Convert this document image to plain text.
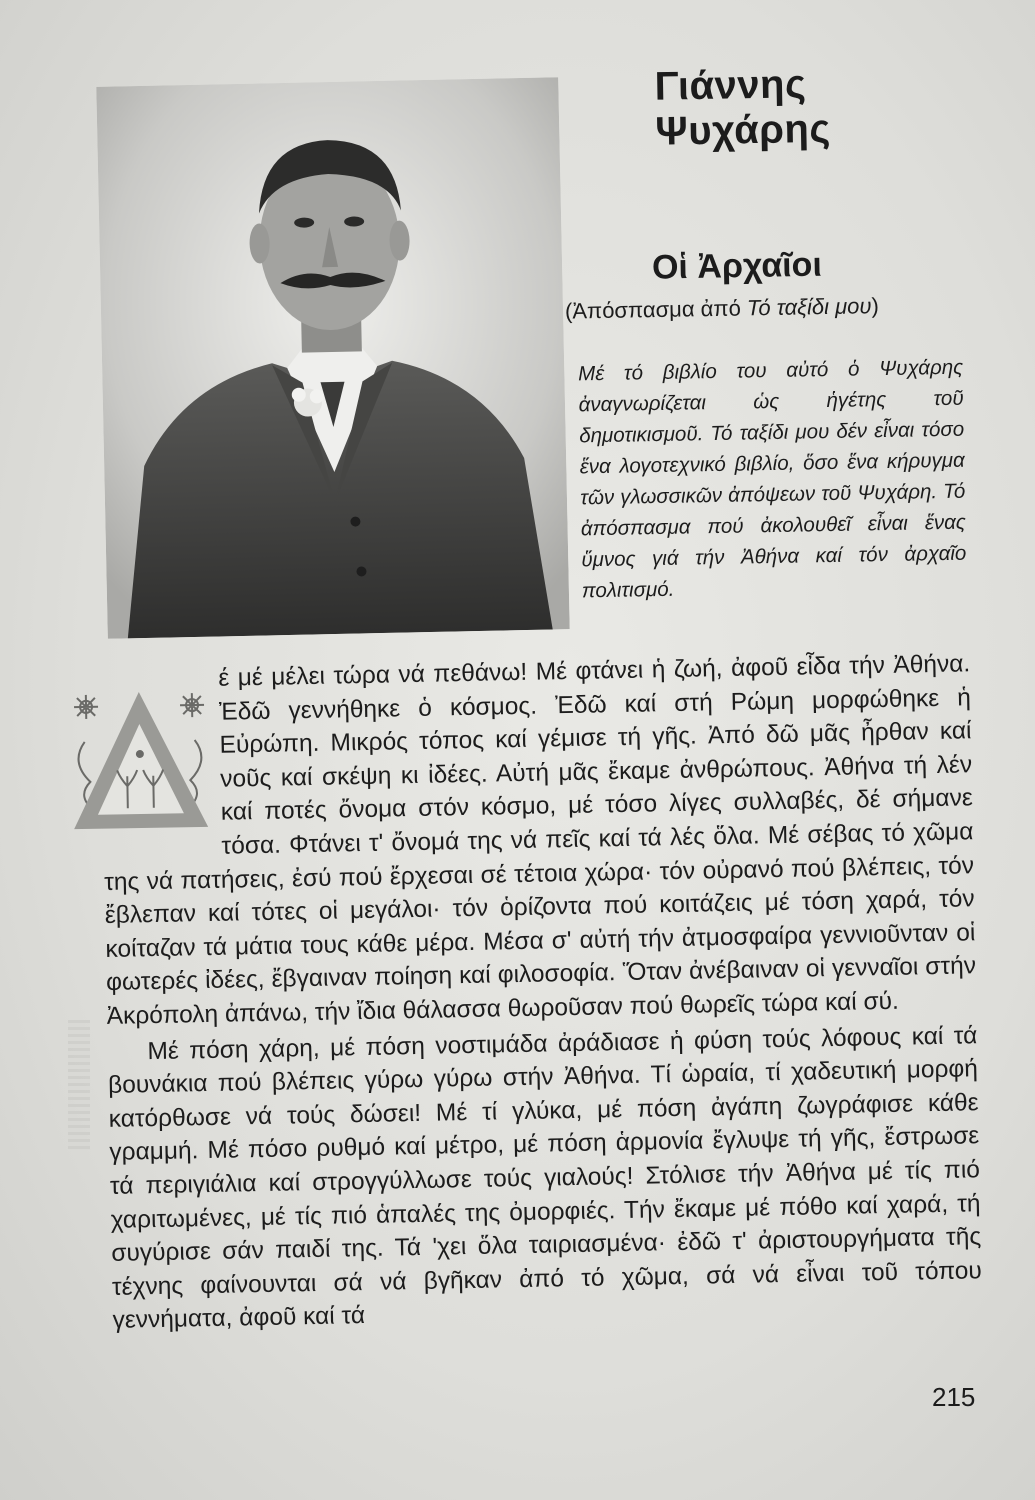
Γιάννης Ψυχάρης
Οἱ Ἀρχαῖοι
(Ἀπόσπασμα ἀπό Τό ταξίδι μου)
Μέ τό βιβλίο του αὐτό ὁ Ψυχάρης ἀναγνωρίζεται ὡς ἡγέτης τοῦ δημοτικισμοῦ. Τό ταξίδι μου δέν εἶναι τόσο ἕνα λογοτεχνικό βιβλίο, ὅσο ἕνα κήρυγμα τῶν γλωσσικῶν ἀπόψεων τοῦ Ψυχάρη. Τό ἀπόσπασμα πού ἀκολουθεῖ εἶναι ἕνας ὕμνος γιά τήν Ἀθήνα καί τόν ἀρχαῖο πολιτισμό.

έ μέ μέλει τώρα νά πεθάνω! Μέ φτάνει ἡ ζωή, ἀφοῦ εἶδα τήν Ἀθήνα. Ἐδῶ γεννήθηκε ὁ κόσμος. Ἐδῶ καί στή Ρώμη μορφώθηκε ἡ Εὐρώπη. Μικρός τόπος καί γέμισε τή γῆς. Ἀπό δῶ μᾶς ἦρθαν καί νοῦς καί σκέψη κι ἰδέες. Αὐτή μᾶς ἔκαμε ἀνθρώπους. Ἀθήνα τή λέν καί ποτές ὄνομα στόν κόσμο, μέ τόσο λίγες συλλαβές, δέ σήμανε τόσα. Φτάνει τ' ὄνομά της νά πεῖς καί τά λές ὅλα. Μέ σέβας τό χῶμα της νά πατήσεις, ἐσύ πού ἔρχεσαι σέ τέτοια χώρα· τόν οὐρανό πού βλέπεις, τόν ἔβλεπαν καί τότες οἱ μεγάλοι· τόν ὁρίζοντα πού κοιτάζεις μέ τόση χαρά, τόν κοίταζαν τά μάτια τους κάθε μέρα. Μέσα σ' αὐτή τήν ἀτμοσφαίρα γεννιοῦνταν οἱ φωτερές ἰδέες, ἔβγαιναν ποίηση καί φιλοσοφία. Ὅταν ἀνέβαιναν οἱ γενναῖοι στήν Ἀκρόπολη ἀπάνω, τήν ἴδια θάλασσα θωροῦσαν πού θωρεῖς τώρα καί σύ.

Μέ πόση χάρη, μέ πόση νοστιμάδα ἀράδιασε ἡ φύση τούς λόφους καί τά βουνάκια πού βλέπεις γύρω γύρω στήν Ἀθήνα. Τί ὡραία, τί χαδευτική μορφή κατόρθωσε νά τούς δώσει! Μέ τί γλύκα, μέ πόση ἀγάπη ζωγράφισε κάθε γραμμή. Μέ πόσο ρυθμό καί μέτρο, μέ πόση ἁρμονία ἔγλυψε τή γῆς, ἔστρωσε τά περιγιάλια καί στρογγύλλωσε τούς γιαλούς! Στόλισε τήν Ἀθήνα μέ τίς πιό χαριτωμένες, μέ τίς πιό ἁπαλές της ὀμορφιές. Τήν ἔκαμε μέ πόθο καί χαρά, τή συγύρισε σάν παιδί της. Τά 'χει ὅλα ταιριασμένα· ἐδῶ τ' ἀριστουργήματα τῆς τέχνης φαίνουνται σά νά βγῆκαν ἀπό τό χῶμα, σά νά εἶναι τοῦ τόπου γεννήματα, ἀφοῦ καί τά

215
